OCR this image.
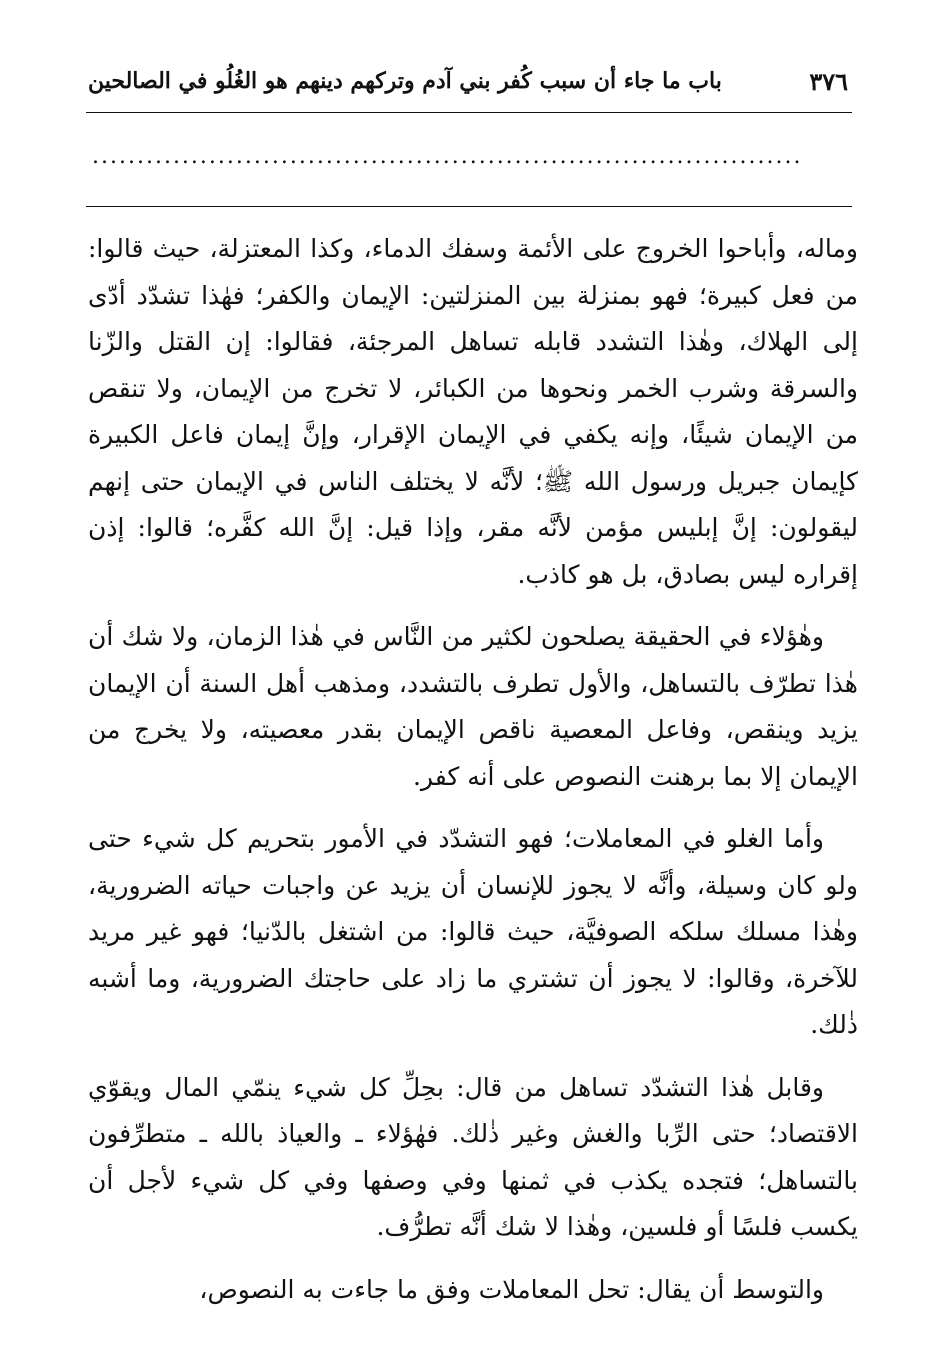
٣٧٦
باب ما جاء أن سبب كُفر بني آدم وتركهم دينهم هو الغُلُو في الصالحين
...............................................................................

وماله، وأباحوا الخروج على الأئمة وسفك الدماء، وكذا المعتزلة، حيث قالوا: من فعل كبيرة؛ فهو بمنزلة بين المنزلتين: الإيمان والكفر؛ فهٰذا تشدّد أدّى إلى الهلاك، وهٰذا التشدد قابله تساهل المرجئة، فقالوا: إن القتل والزّنا والسرقة وشرب الخمر ونحوها من الكبائر، لا تخرج من الإيمان، ولا تنقص من الإيمان شيئًا، وإنه يكفي في الإيمان الإقرار، وإنَّ إيمان فاعل الكبيرة كإيمان جبريل ورسول الله ﷺ؛ لأنَّه لا يختلف الناس في الإيمان حتى إنهم ليقولون: إنَّ إبليس مؤمن لأنَّه مقر، وإذا قيل: إنَّ الله كفَّره؛ قالوا: إذن إقراره ليس بصادق، بل هو كاذب.

وهٰؤلاء في الحقيقة يصلحون لكثير من النَّاس في هٰذا الزمان، ولا شك أن هٰذا تطرّف بالتساهل، والأول تطرف بالتشدد، ومذهب أهل السنة أن الإيمان يزيد وينقص، وفاعل المعصية ناقص الإيمان بقدر معصيته، ولا يخرج من الإيمان إلا بما برهنت النصوص على أنه كفر.

وأما الغلو في المعاملات؛ فهو التشدّد في الأمور بتحريم كل شيء حتى ولو كان وسيلة، وأنَّه لا يجوز للإنسان أن يزيد عن واجبات حياته الضرورية، وهٰذا مسلك سلكه الصوفيَّة، حيث قالوا: من اشتغل بالدّنيا؛ فهو غير مريد للآخرة، وقالوا: لا يجوز أن تشتري ما زاد على حاجتك الضرورية، وما أشبه ذٰلك.

وقابل هٰذا التشدّد تساهل من قال: بحِلِّ كل شيء ينمّي المال ويقوّي الاقتصاد؛ حتى الرِّبا والغش وغير ذٰلك. فهٰؤلاء ـ والعياذ بالله ـ متطرِّفون بالتساهل؛ فتجده يكذب في ثمنها وفي وصفها وفي كل شيء لأجل أن يكسب فلسًا أو فلسين، وهٰذا لا شك أنَّه تطرُّف.

والتوسط أن يقال: تحل المعاملات وفق ما جاءت به النصوص،
